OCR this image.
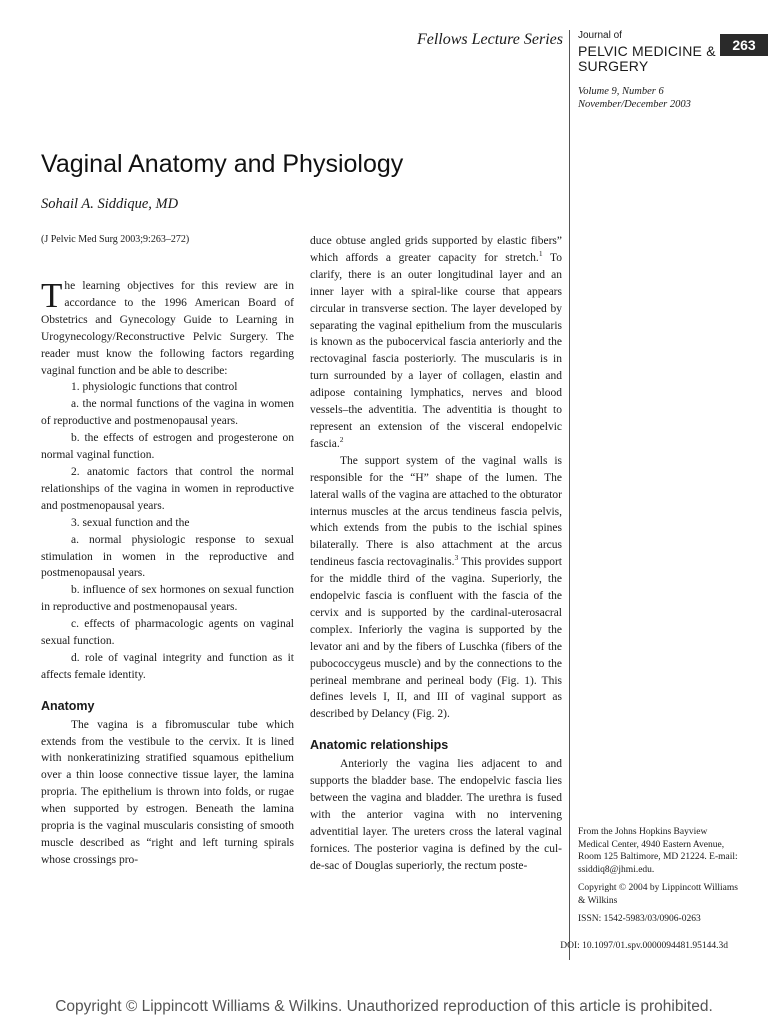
Fellows Lecture Series Journal of
PELVIC MEDICINE & SURGERY
263
Volume 9, Number 6
November/December 2003
Vaginal Anatomy and Physiology
Sohail A. Siddique, MD
(J Pelvic Med Surg 2003;9:263–272)

The learning objectives for this review are in accordance to the 1996 American Board of Obstetrics and Gynecology Guide to Learning in Urogynecology/Reconstructive Pelvic Surgery. The reader must know the following factors regarding vaginal function and be able to describe:

1. physiologic functions that control

a. the normal functions of the vagina in women of reproductive and postmenopausal years.

b. the effects of estrogen and progesterone on normal vaginal function.

2. anatomic factors that control the normal relationships of the vagina in women in reproductive and postmenopausal years.

3. sexual function and the

a. normal physiologic response to sexual stimulation in women in the reproductive and postmenopausal years.

b. influence of sex hormones on sexual function in reproductive and postmenopausal years.

c. effects of pharmacologic agents on vaginal sexual function.

d. role of vaginal integrity and function as it affects female identity.

Anatomy

The vagina is a fibromuscular tube which extends from the vestibule to the cervix. It is lined with nonkeratinizing stratified squamous epithelium over a thin loose connective tissue layer, the lamina propria. The epithelium is thrown into folds, or rugae when supported by estrogen. Beneath the lamina propria is the vaginal muscularis consisting of smooth muscle described as “right and left turning spirals whose crossings pro-

duce obtuse angled grids supported by elastic fibers” which affords a greater capacity for stretch.$^1$ To clarify, there is an outer longitudinal layer and an inner layer with a spiral-like course that appears circular in transverse section. The layer developed by separating the vaginal epithelium from the muscularis is known as the pubocervical fascia anteriorly and the rectovaginal fascia posteriorly. The muscularis is in turn surrounded by a layer of collagen, elastin and adipose containing lymphatics, nerves and blood vessels–the adventitia. The adventitia is thought to represent an extension of the visceral endopelvic fascia.$^2$

The support system of the vaginal walls is responsible for the “H” shape of the lumen. The lateral walls of the vagina are attached to the obturator internus muscles at the arcus tendineus fascia pelvis, which extends from the pubis to the ischial spines bilaterally. There is also attachment at the arcus tendineus fascia rectovaginalis.$^3$ This provides support for the middle third of the vagina. Superiorly, the endopelvic fascia is confluent with the fascia of the cervix and is supported by the cardinal-uterosacral complex. Inferiorly the vagina is supported by the levator ani and by the fibers of Luschka (fibers of the pubococcygeus muscle) and by the connections to the perineal membrane and perineal body (Fig. 1). This defines levels I, II, and III of vaginal support as described by Delancy (Fig. 2).

Anatomic relationships

Anteriorly the vagina lies adjacent to and supports the bladder base. The endopelvic fascia lies between the vagina and bladder. The urethra is fused with the anterior vagina with no intervening adventitial layer. The ureters cross the lateral vaginal fornices. The posterior vagina is defined by the cul-de-sac of Douglas superiorly, the rectum poste-

From the Johns Hopkins Bayview Medical Center, 4940 Eastern Avenue, Room 125 Baltimore, MD 21224. E-mail: ssiddiq8@jhmi.edu.

Copyright © 2004 by Lippincott Williams & Wilkins

ISSN: 1542-5983/03/0906-0263

DOI: 10.1097/01.spv.0000094481.95144.3d
Copyright © Lippincott Williams & Wilkins. Unauthorized reproduction of this article is prohibited.
